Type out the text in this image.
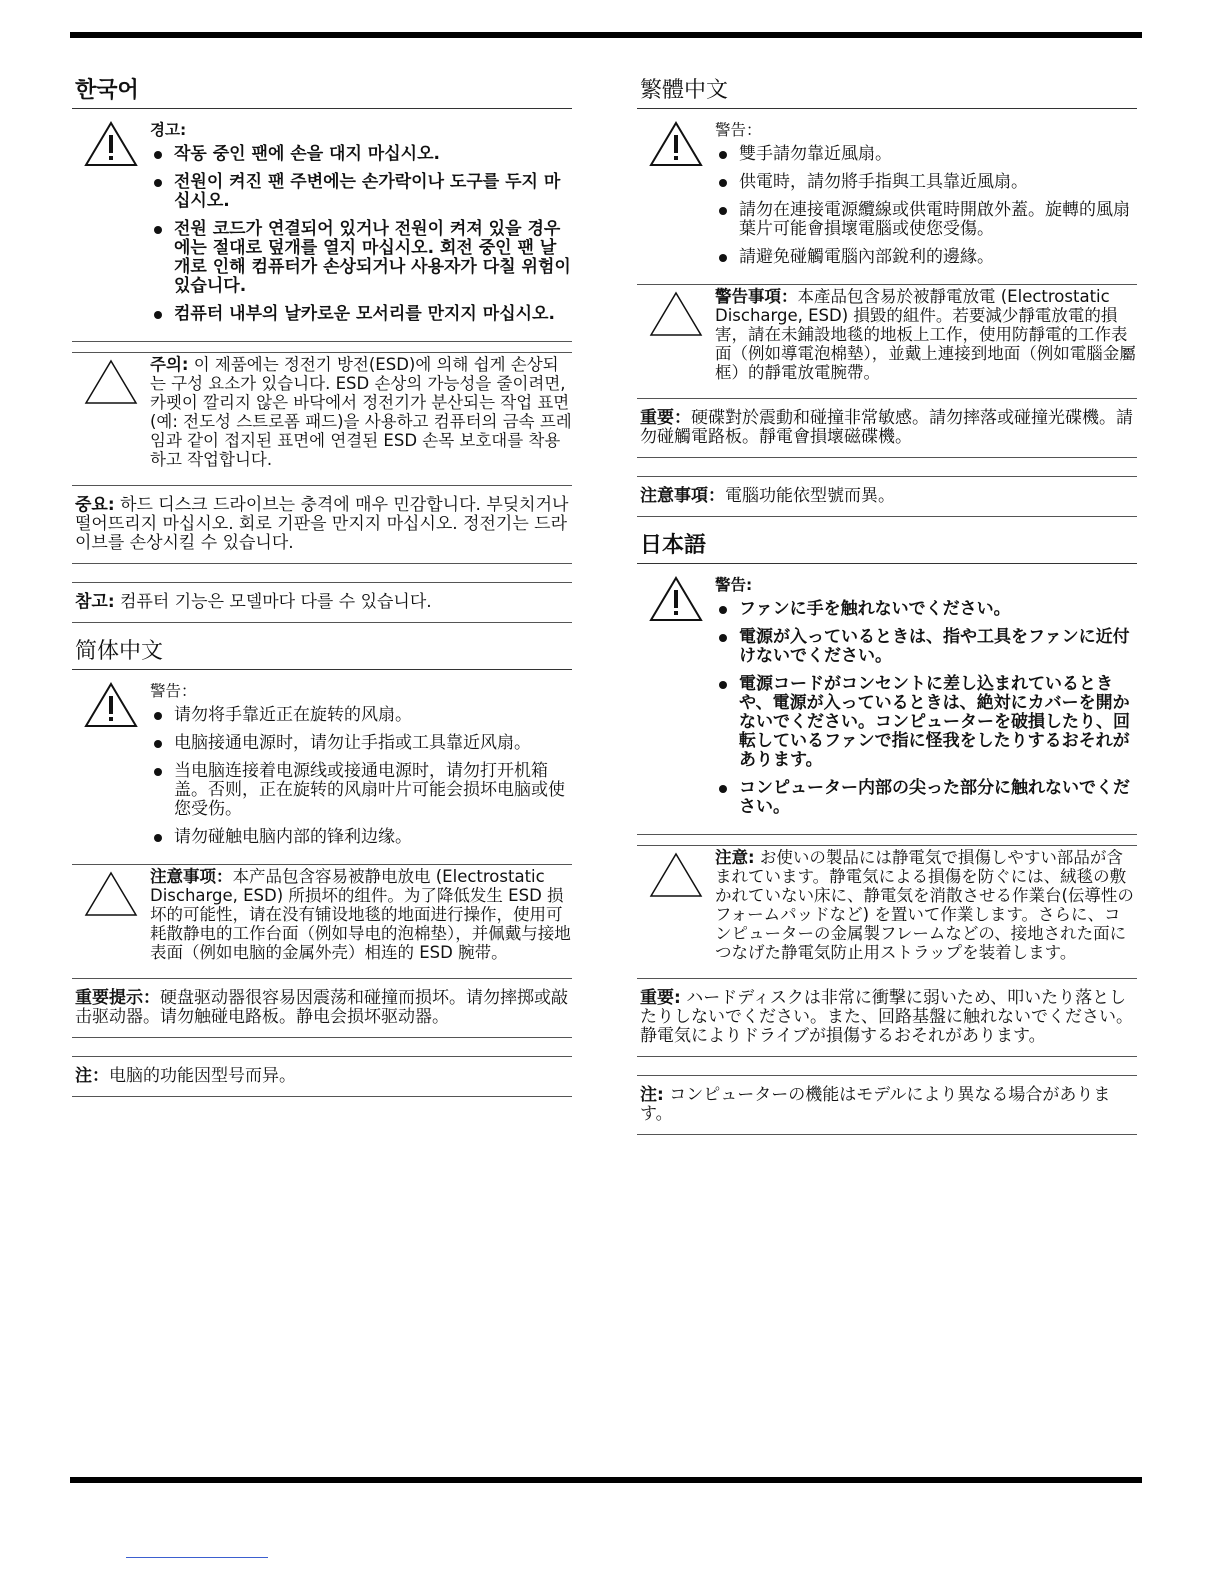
한국어
경고:
작동 중인 팬에 손을 대지 마십시오.
전원이 켜진 팬 주변에는 손가락이나 도구를 두지 마십시오.
전원 코드가 연결되어 있거나 전원이 켜져 있을 경우에는 절대로 덮개를 열지 마십시오. 회전 중인 팬 날개로 인해 컴퓨터가 손상되거나 사용자가 다칠 위험이 있습니다.
컴퓨터 내부의 날카로운 모서리를 만지지 마십시오.
주의: 이 제품에는 정전기 방전(ESD)에 의해 쉽게 손상되는 구성 요소가 있습니다. ESD 손상의 가능성을 줄이려면, 카펫이 깔리지 않은 바닥에서 정전기가 분산되는 작업 표면(예: 전도성 스트로폼 패드)을 사용하고 컴퓨터의 금속 프레임과 같이 접지된 표면에 연결된 ESD 손목 보호대를 착용하고 작업합니다.
중요: 하드 디스크 드라이브는 충격에 매우 민감합니다. 부딪치거나 떨어뜨리지 마십시오. 회로 기판을 만지지 마십시오. 정전기는 드라이브를 손상시킬 수 있습니다.
참고: 컴퓨터 기능은 모델마다 다를 수 있습니다.
简体中文
警告：
请勿将手靠近正在旋转的风扇。
电脑接通电源时，请勿让手指或工具靠近风扇。
当电脑连接着电源线或接通电源时，请勿打开机箱盖。否则，正在旋转的风扇叶片可能会损坏电脑或使您受伤。
请勿碰触电脑内部的锋利边缘。
注意事项：本产品包含容易被静电放电 (Electrostatic Discharge, ESD) 所损坏的组件。为了降低发生 ESD 损坏的可能性，请在没有铺设地毯的地面进行操作，使用可耗散静电的工作台面（例如导电的泡棉垫），并佩戴与接地表面（例如电脑的金属外壳）相连的 ESD 腕带。
重要提示：硬盘驱动器很容易因震荡和碰撞而损坏。请勿摔掷或敲击驱动器。请勿触碰电路板。静电会损坏驱动器。
注：电脑的功能因型号而异。
繁體中文
警告：
雙手請勿靠近風扇。
供電時，請勿將手指與工具靠近風扇。
請勿在連接電源纜線或供電時開啟外蓋。旋轉的風扇葉片可能會損壞電腦或使您受傷。
請避免碰觸電腦內部銳利的邊緣。
警告事項：本產品包含易於被靜電放電 (Electrostatic Discharge, ESD) 損毀的組件。若要減少靜電放電的損害，請在未鋪設地毯的地板上工作，使用防靜電的工作表面（例如導電泡棉墊），並戴上連接到地面（例如電腦金屬框）的靜電放電腕帶。
重要：硬碟對於震動和碰撞非常敏感。請勿摔落或碰撞光碟機。請勿碰觸電路板。靜電會損壞磁碟機。
注意事項：電腦功能依型號而異。
日本語
警告:
ファンに手を触れないでください。
電源が入っているときは、指や工具をファンに近付けないでください。
電源コードがコンセントに差し込まれているときや、電源が入っているときは、絶対にカバーを開かないでください。コンピューターを破損したり、回転しているファンで指に怪我をしたりするおそれがあります。
コンピューター内部の尖った部分に触れないでください。
注意: お使いの製品には静電気で損傷しやすい部品が含まれています。静電気による損傷を防ぐには、絨毯の敷かれていない床に、静電気を消散させる作業台(伝導性のフォームパッドなど) を置いて作業します。さらに、コンピューターの金属製フレームなどの、接地された面につなげた静電気防止用ストラップを装着します。
重要: ハードディスクは非常に衝撃に弱いため、叩いたり落としたりしないでください。また、回路基盤に触れないでください。静電気によりドライブが損傷するおそれがあります。
注: コンピューターの機能はモデルにより異なる場合があります。
